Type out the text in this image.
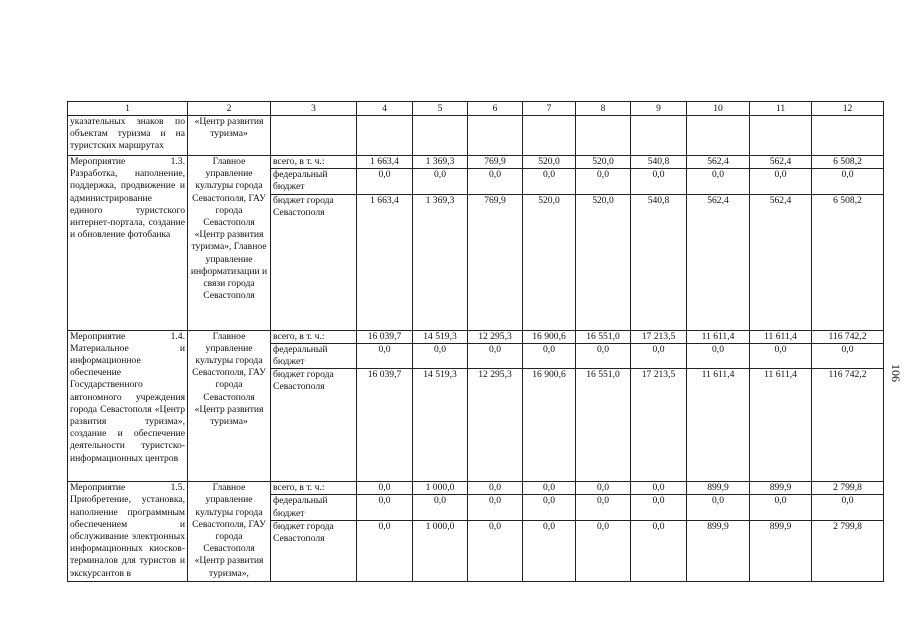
1	2	3	4	5	6	7	8	9	10	11	12
указательных знаков по объектам туризма и на туристских маршрутах	«Центр развития туризма»										
Мероприятие 1.3. Разработка, наполнение, поддержка, продвижение и администрирование единого туристского интернет-портала, создание и обновление фотобанка	Главное управление культуры города Севастополя, ГАУ города Севастополя «Центр развития туризма», Главное управление информатизации и связи города Севастополя	всего, в т. ч.:	1 663,4	1 369,3	769,9	520,0	520,0	540,8	562,4	562,4	6 508,2
		федеральный бюджет	0,0	0,0	0,0	0,0	0,0	0,0	0,0	0,0	0,0
		бюджет города Севастополя	1 663,4	1 369,3	769,9	520,0	520,0	540,8	562,4	562,4	6 508,2
Мероприятие 1.4. Материальное и информационное обеспечение Государственного автономного учреждения города Севастополя «Центр развития туризма», создание и обеспечение деятельности туристско-информационных центров	Главное управление культуры города Севастополя, ГАУ города Севастополя «Центр развития туризма»	всего, в т. ч.:	16 039,7	14 519,3	12 295,3	16 900,6	16 551,0	17 213,5	11 611,4	11 611,4	116 742,2
		федеральный бюджет	0,0	0,0	0,0	0,0	0,0	0,0	0,0	0,0	0,0
		бюджет города Севастополя	16 039,7	14 519,3	12 295,3	16 900,6	16 551,0	17 213,5	11 611,4	11 611,4	116 742,2
Мероприятие 1.5. Приобретение, установка, наполнение программным обеспечением и обслуживание электронных информационных киосков-терминалов для туристов и экскурсантов в	Главное управление культуры города Севастополя, ГАУ города Севастополя «Центр развития туризма»,	всего, в т. ч.:	0,0	1 000,0	0,0	0,0	0,0	0,0	899,9	899,9	2 799,8
		федеральный бюджет	0,0	0,0	0,0	0,0	0,0	0,0	0,0	0,0	0,0
		бюджет города Севастополя	0,0	1 000,0	0,0	0,0	0,0	0,0	899,9	899,9	2 799,8
106
